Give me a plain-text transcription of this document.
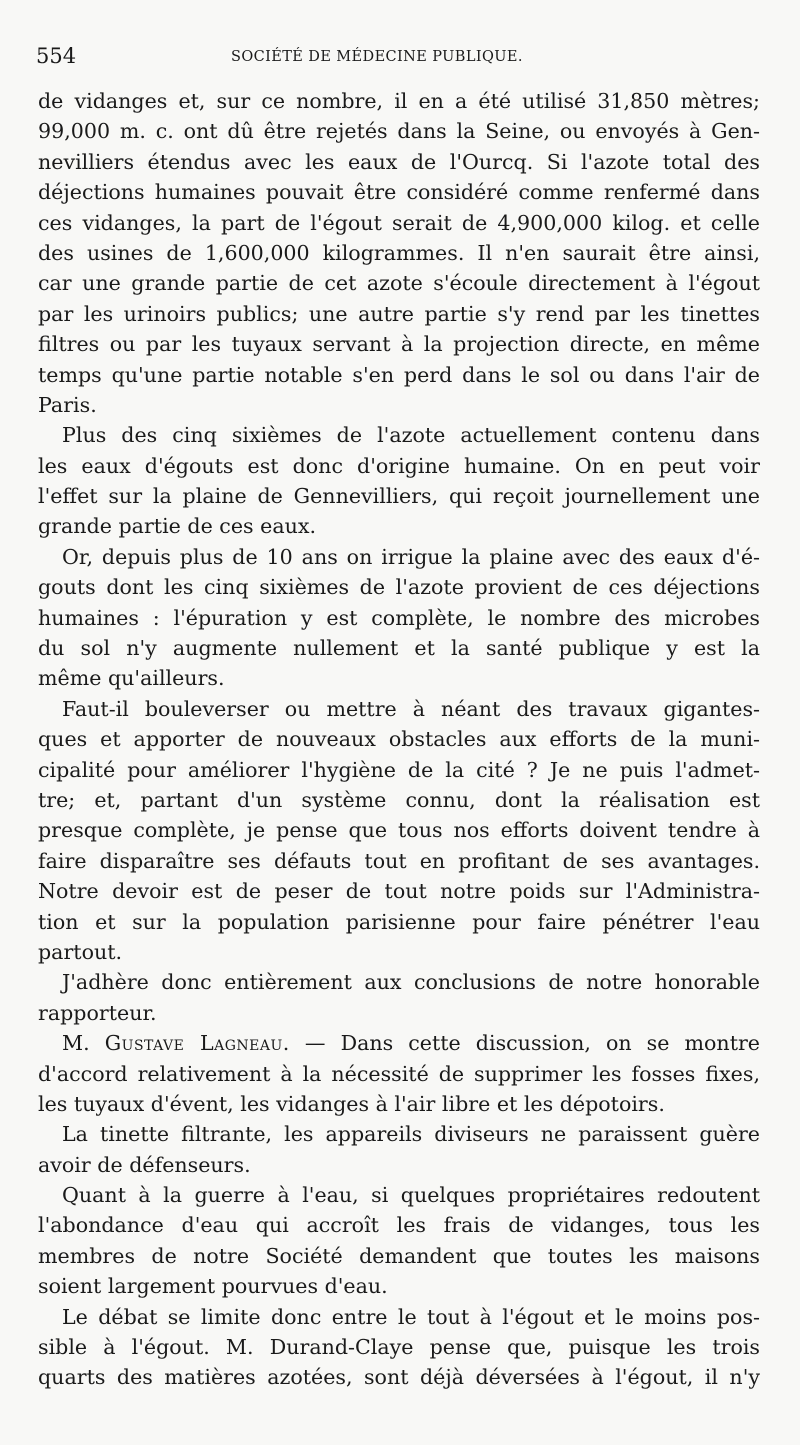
554	SOCIÉTÉ DE MÉDECINE PUBLIQUE.
de vidanges et, sur ce nombre, il en a été utilisé 31,850 mètres;
99,000 m. c. ont dû être rejetés dans la Seine, ou envoyés à Gen-
nevilliers étendus avec les eaux de l'Ourcq. Si l'azote total des
déjections humaines pouvait être considéré comme renfermé dans
ces vidanges, la part de l'égout serait de 4,900,000 kilog. et celle
des usines de 1,600,000 kilogrammes. Il n'en saurait être ainsi,
car une grande partie de cet azote s'écoule directement à l'égout
par les urinoirs publics; une autre partie s'y rend par les tinettes
filtres ou par les tuyaux servant à la projection directe, en même
temps qu'une partie notable s'en perd dans le sol ou dans l'air de
Paris.
Plus des cinq sixièmes de l'azote actuellement contenu dans
les eaux d'égouts est donc d'origine humaine. On en peut voir
l'effet sur la plaine de Gennevilliers, qui reçoit journellement une
grande partie de ces eaux.
Or, depuis plus de 10 ans on irrigue la plaine avec des eaux d'é-
gouts dont les cinq sixièmes de l'azote provient de ces déjections
humaines : l'épuration y est complète, le nombre des microbes
du sol n'y augmente nullement et la santé publique y est la
même qu'ailleurs.
Faut-il bouleverser ou mettre à néant des travaux gigantes-
ques et apporter de nouveaux obstacles aux efforts de la muni-
cipalité pour améliorer l'hygiène de la cité ? Je ne puis l'admet-
tre; et, partant d'un système connu, dont la réalisation est
presque complète, je pense que tous nos efforts doivent tendre à
faire disparaître ses défauts tout en profitant de ses avantages.
Notre devoir est de peser de tout notre poids sur l'Administra-
tion et sur la population parisienne pour faire pénétrer l'eau
partout.
J'adhère donc entièrement aux conclusions de notre honorable
rapporteur.
M. Gustave Lagneau. — Dans cette discussion, on se montre
d'accord relativement à la nécessité de supprimer les fosses fixes,
les tuyaux d'évent, les vidanges à l'air libre et les dépotoirs.
La tinette filtrante, les appareils diviseurs ne paraissent guère
avoir de défenseurs.
Quant à la guerre à l'eau, si quelques propriétaires redoutent
l'abondance d'eau qui accroît les frais de vidanges, tous les
membres de notre Société demandent que toutes les maisons
soient largement pourvues d'eau.
Le débat se limite donc entre le tout à l'égout et le moins pos-
sible à l'égout. M. Durand-Claye pense que, puisque les trois
quarts des matières azotées, sont déjà déversées à l'égout, il n'y
